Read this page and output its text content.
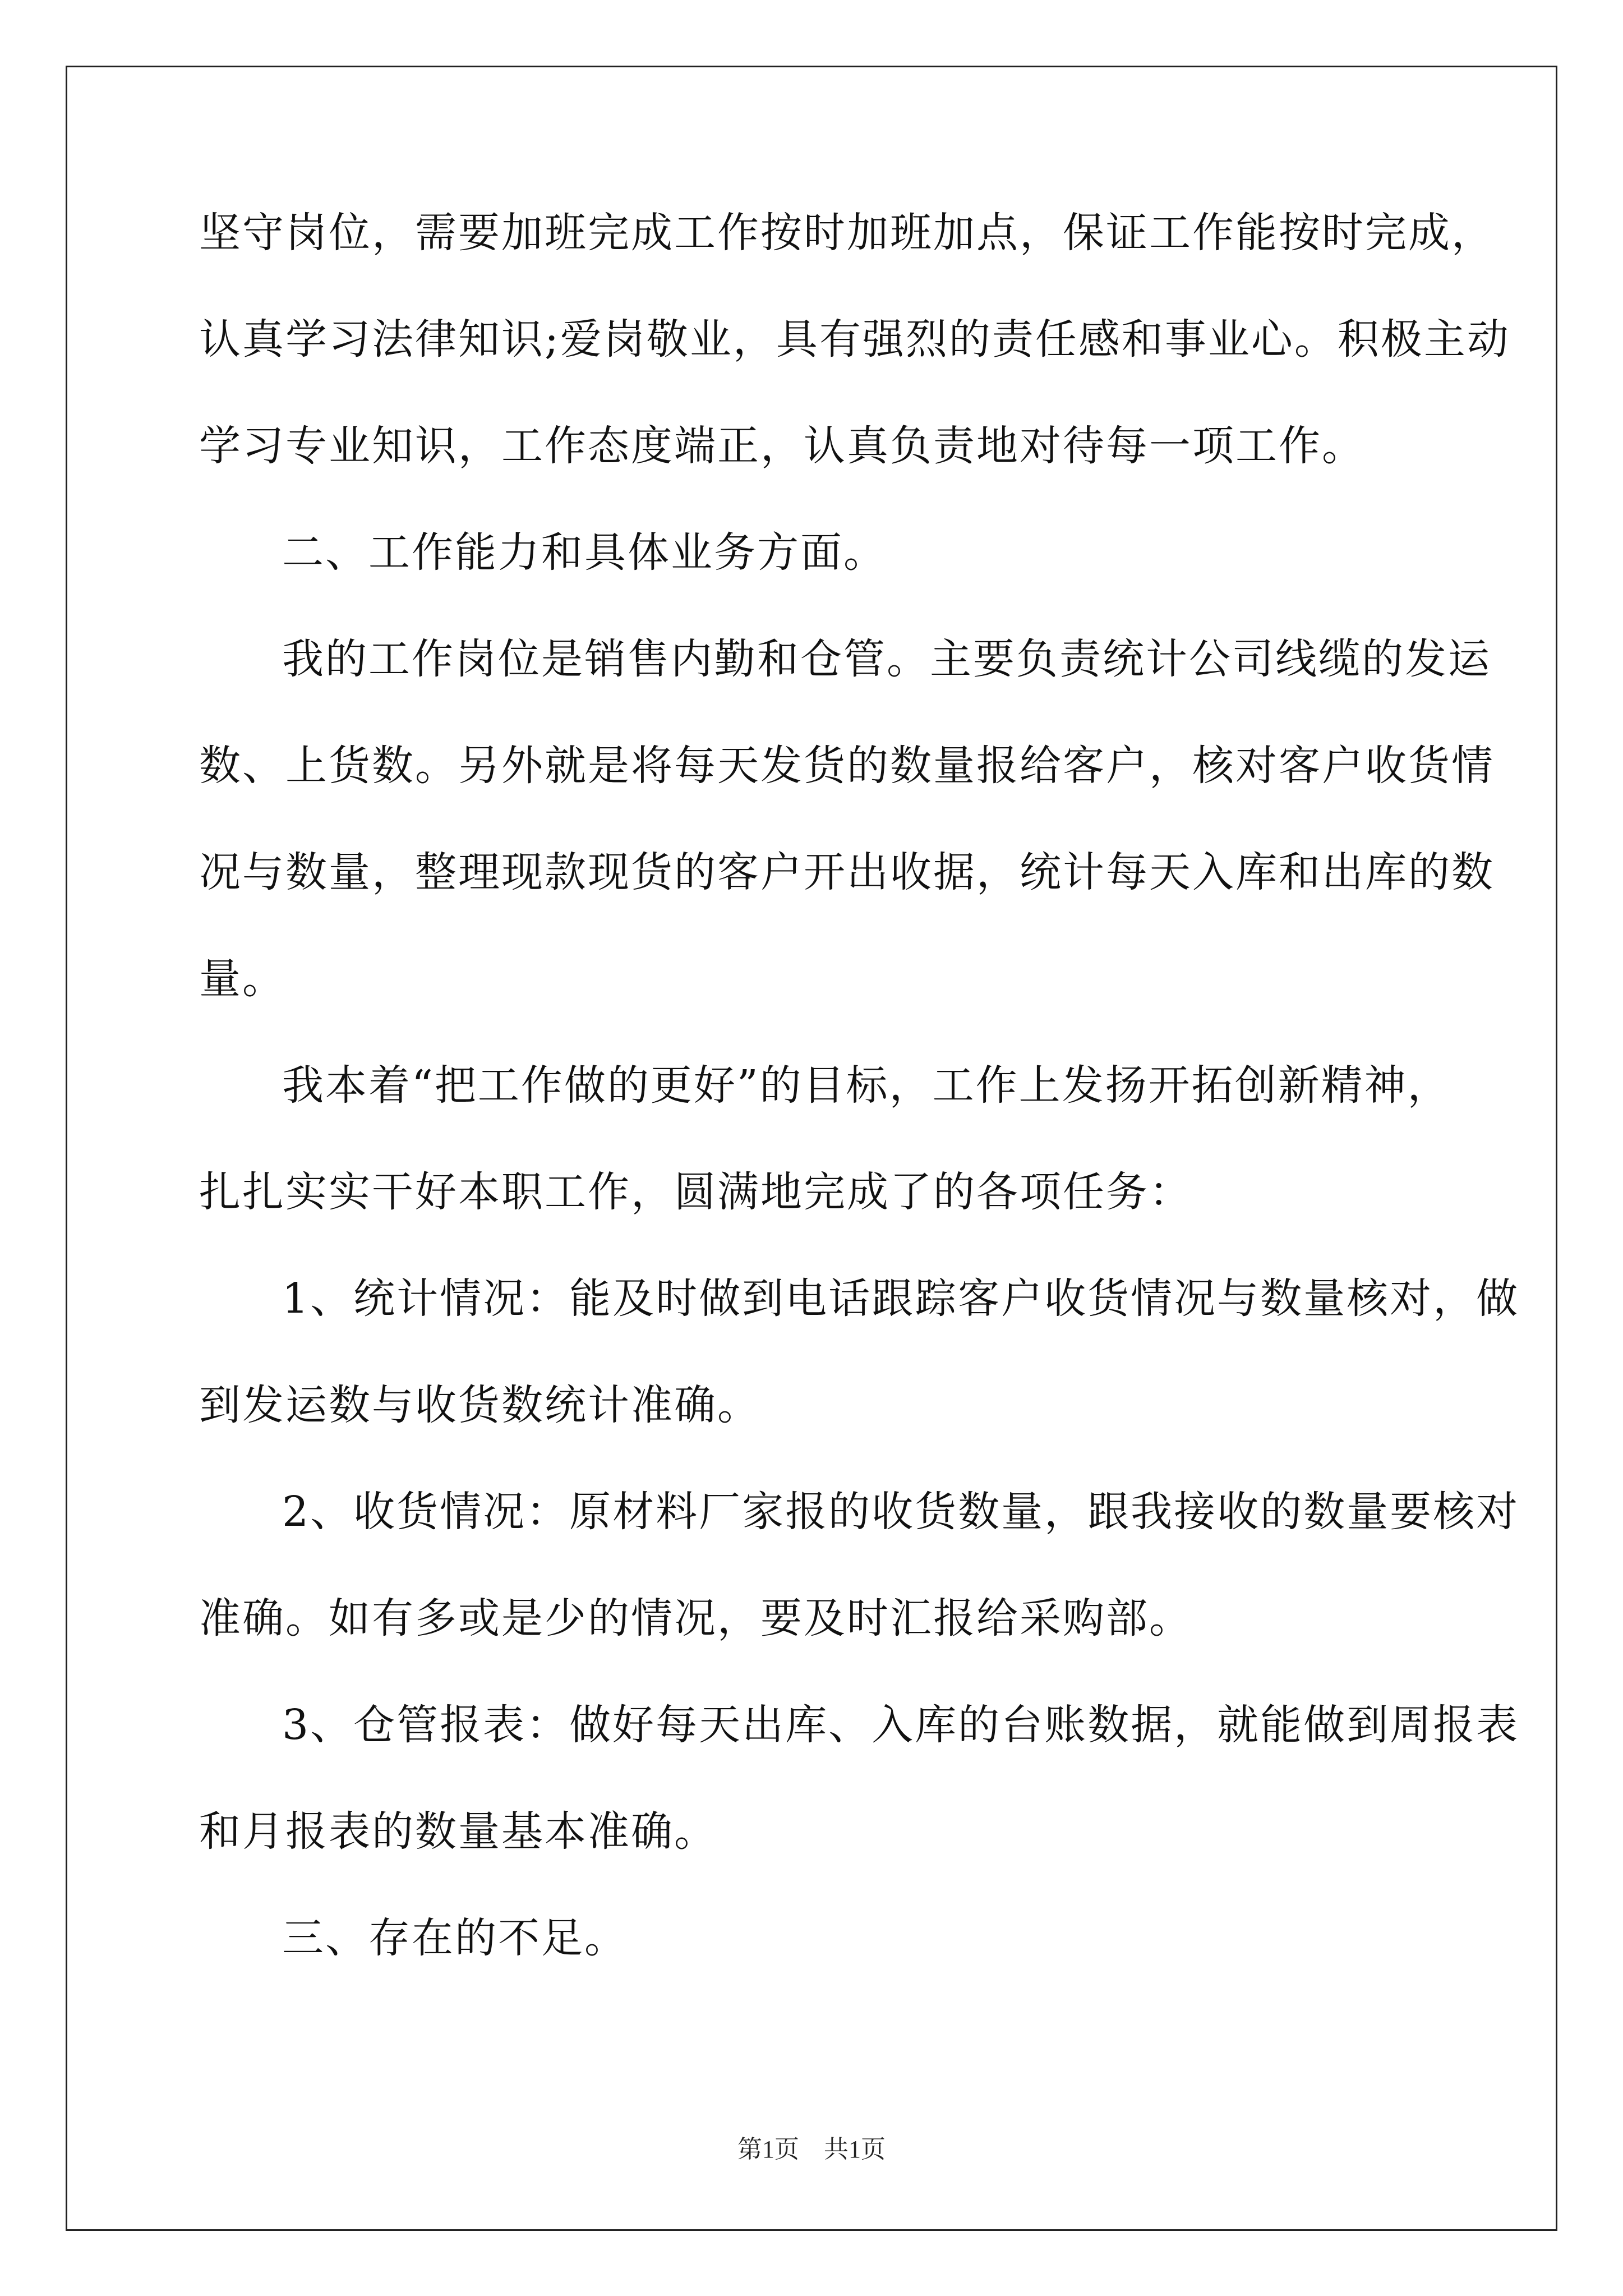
坚守岗位，需要加班完成工作按时加班加点，保证工作能按时完成，
认真学习法律知识;爱岗敬业，具有强烈的责任感和事业心。积极主动
学习专业知识，工作态度端正，认真负责地对待每一项工作。
二、工作能力和具体业务方面。
我的工作岗位是销售内勤和仓管。主要负责统计公司线缆的发运
数、上货数。另外就是将每天发货的数量报给客户，核对客户收货情
况与数量，整理现款现货的客户开出收据，统计每天入库和出库的数
量。
我本着“把工作做的更好”的目标，工作上发扬开拓创新精神，
扎扎实实干好本职工作，圆满地完成了的各项任务：
1、统计情况：能及时做到电话跟踪客户收货情况与数量核对，做
到发运数与收货数统计准确。
2、收货情况：原材料厂家报的收货数量，跟我接收的数量要核对
准确。如有多或是少的情况，要及时汇报给采购部。
3、仓管报表：做好每天出库、入库的台账数据，就能做到周报表
和月报表的数量基本准确。
三、存在的不足。
第1页　共1页
